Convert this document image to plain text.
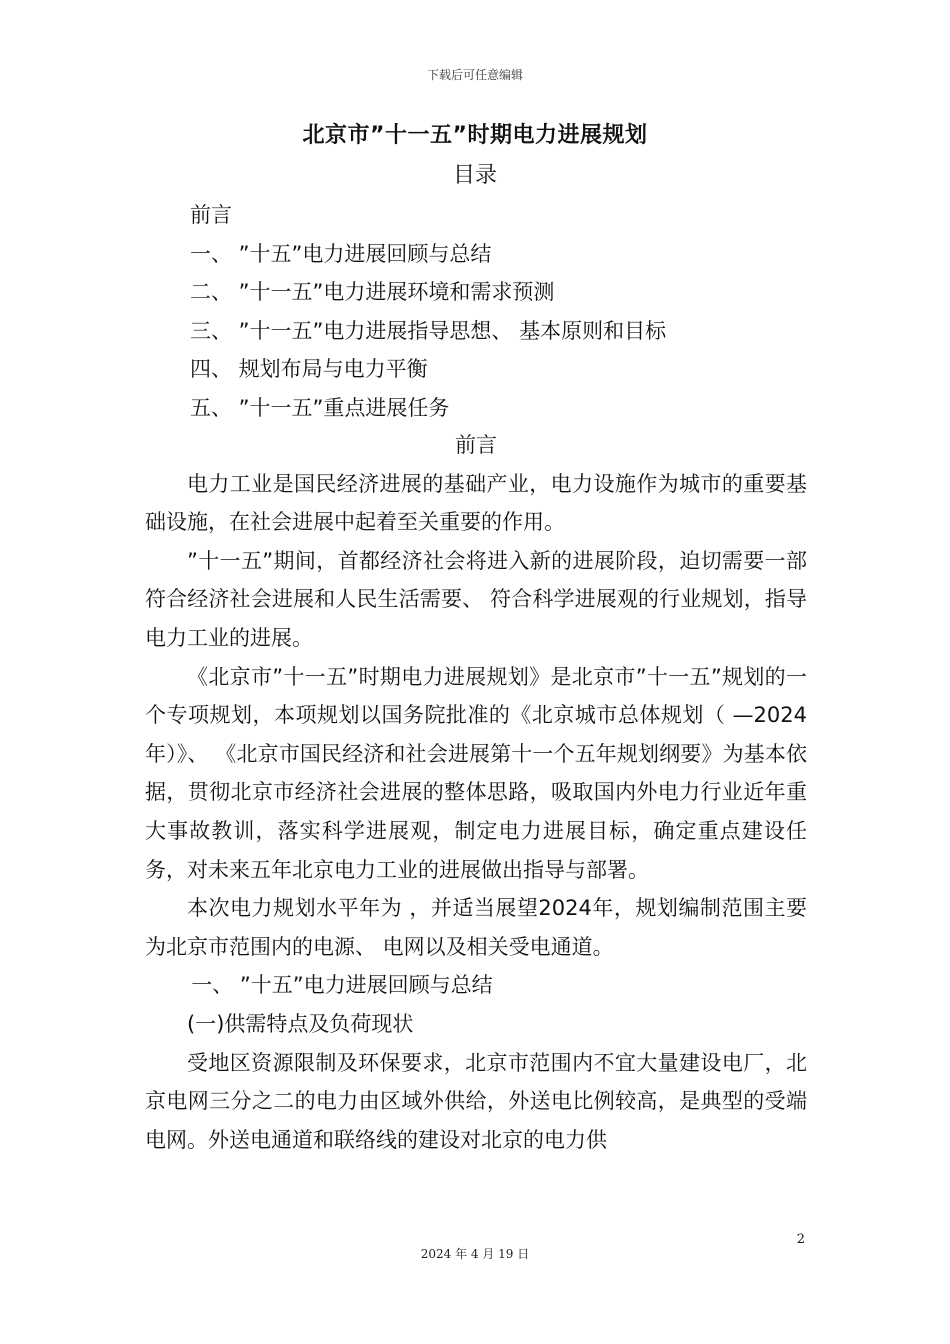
下载后可任意编辑
北京市”十一五”时期电力进展规划
目录
前言
一、 ”十五”电力进展回顾与总结
二、 ”十一五”电力进展环境和需求预测
三、 ”十一五”电力进展指导思想、 基本原则和目标
四、 规划布局与电力平衡
五、 ”十一五”重点进展任务

前言

电力工业是国民经济进展的基础产业，电力设施作为城市的重要基础设施，在社会进展中起着至关重要的作用。

”十一五”期间，首都经济社会将进入新的进展阶段，迫切需要一部符合经济社会进展和人民生活需要、 符合科学进展观的行业规划，指导电力工业的进展。

《北京市”十一五”时期电力进展规划》是北京市”十一五”规划的一个专项规划，本项规划以国务院批准的《北京城市总体规划（ —2024 年）》、 《北京市国民经济和社会进展第十一个五年规划纲要》为基本依据，贯彻北京市经济社会进展的整体思路，吸取国内外电力行业近年重大事故教训，落实科学进展观，制定电力进展目标，确定重点建设任务，对未来五年北京电力工业的进展做出指导与部署。

本次电力规划水平年为 ，并适当展望2024年，规划编制范围主要为北京市范围内的电源、 电网以及相关受电通道。

一、 ”十五”电力进展回顾与总结

(一)供需特点及负荷现状

受地区资源限制及环保要求，北京市范围内不宜大量建设电厂，北京电网三分之二的电力由区域外供给，外送电比例较高，是典型的受端电网。外送电通道和联络线的建设对北京的电力供

2
2024 年 4 月 19 日
